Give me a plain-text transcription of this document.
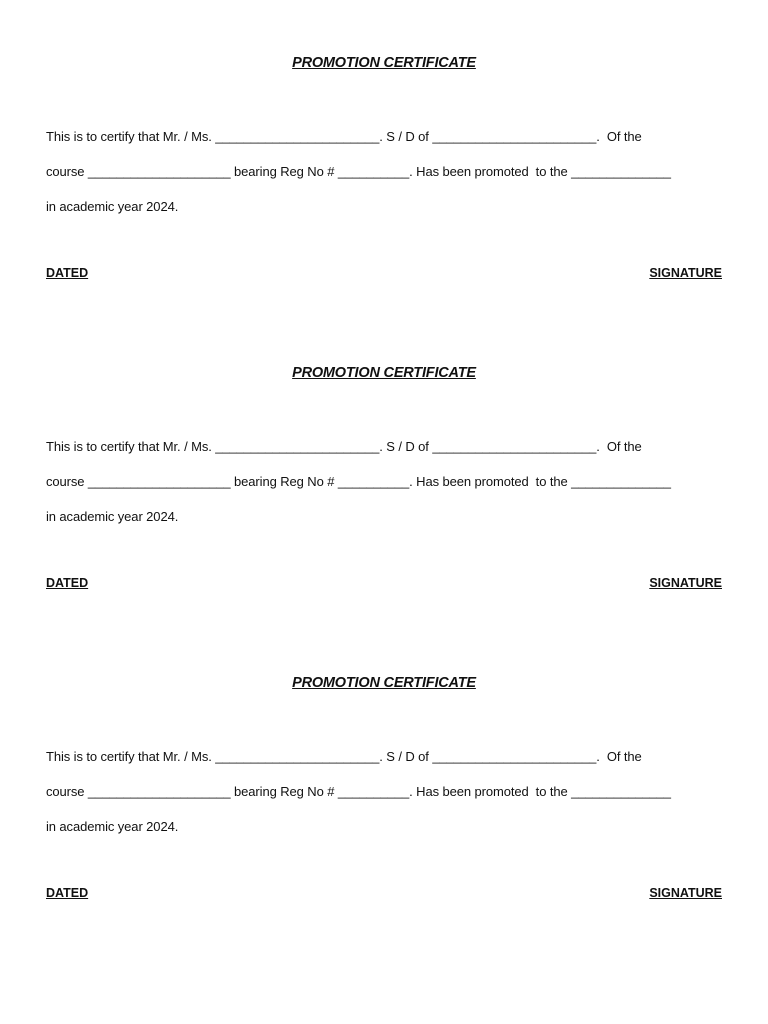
PROMOTION CERTIFICATE
This is to certify that Mr. / Ms. _______________________. S / D of _______________________.  Of the
course ____________________ bearing Reg No # __________. Has been promoted  to the ______________
in academic year 2024.
DATED	SIGNATURE
PROMOTION CERTIFICATE
This is to certify that Mr. / Ms. _______________________. S / D of _______________________.  Of the
course ____________________ bearing Reg No # __________. Has been promoted  to the ______________
in academic year 2024.
DATED	SIGNATURE
PROMOTION CERTIFICATE
This is to certify that Mr. / Ms. _______________________. S / D of _______________________.  Of the
course ____________________ bearing Reg No # __________. Has been promoted  to the ______________
in academic year 2024.
DATED	SIGNATURE
